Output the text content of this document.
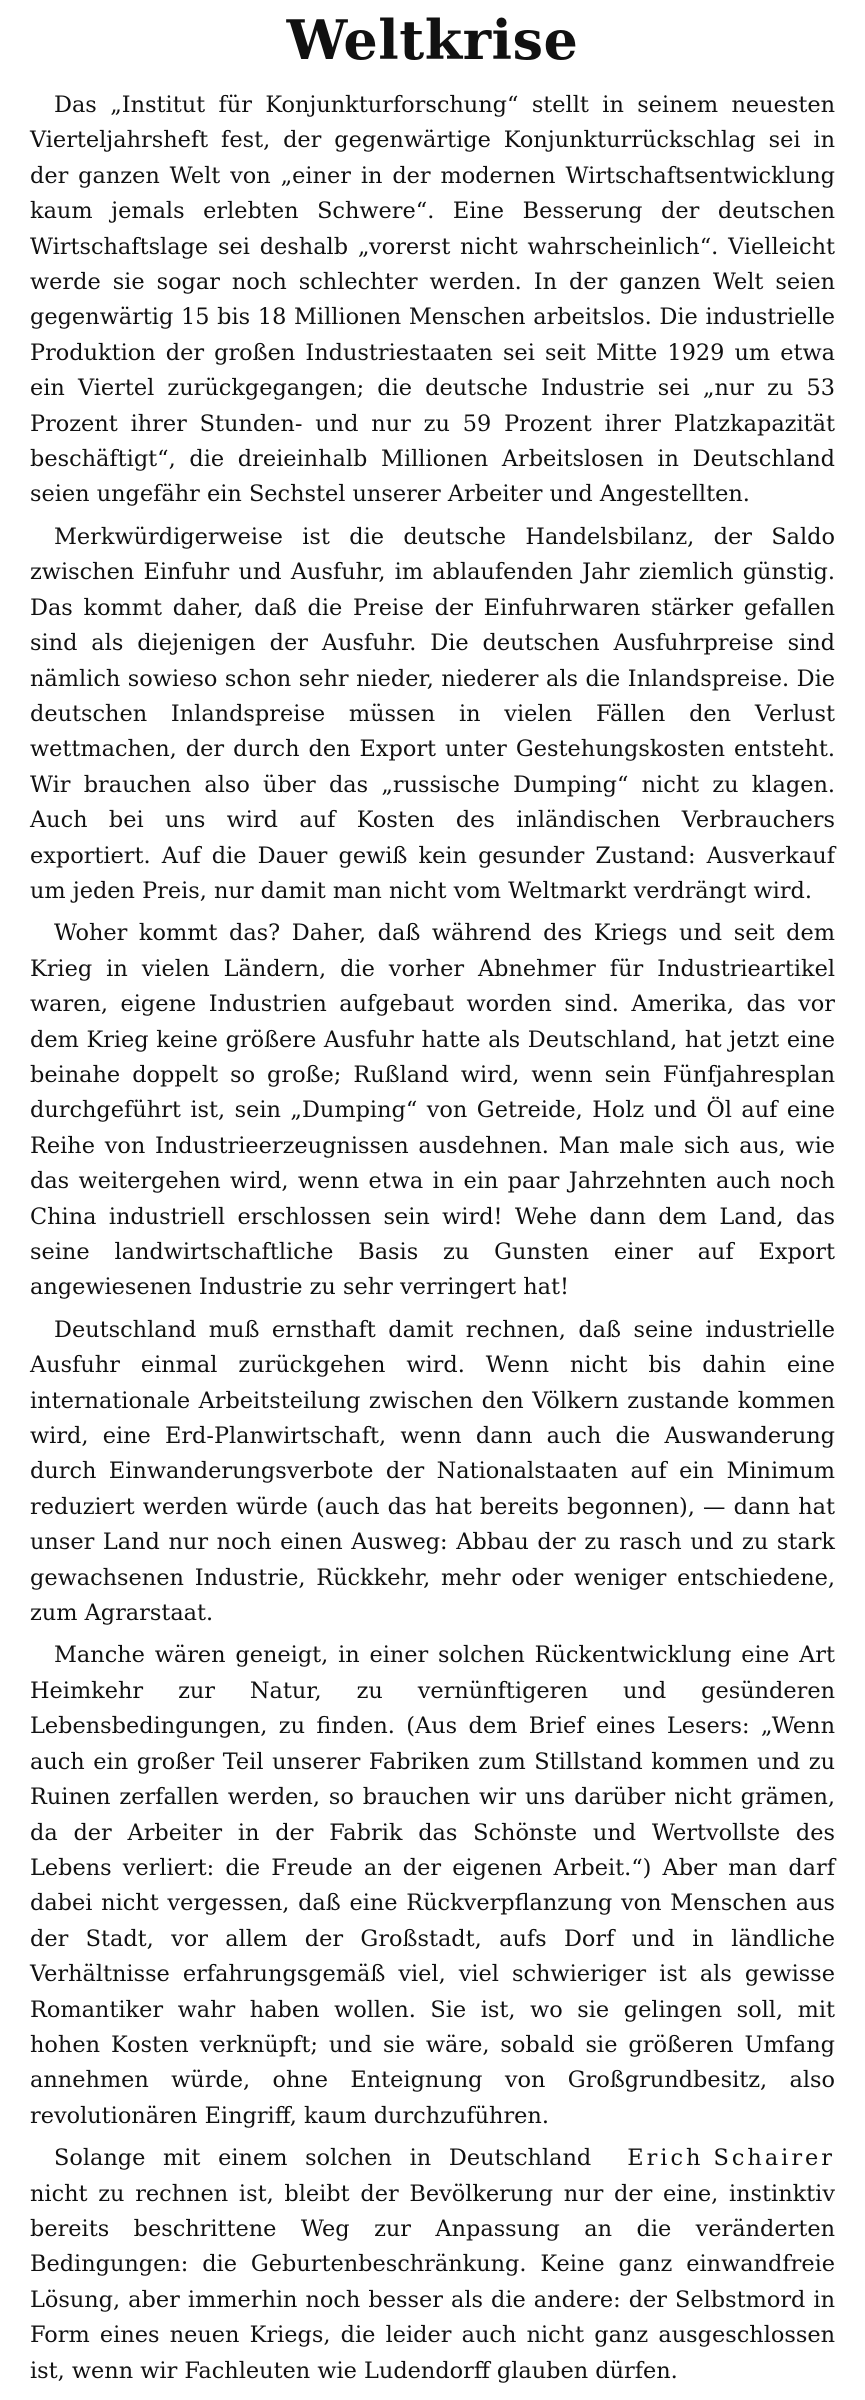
Weltkrise

Das „Institut für Konjunkturforschung“ stellt in seinem neuesten Vierteljahrsheft fest, der gegenwärtige Konjunkturrückschlag sei in der ganzen Welt von „einer in der modernen Wirtschaftsentwicklung kaum jemals erlebten Schwere“. Eine Besserung der deutschen Wirtschaftslage sei deshalb „vorerst nicht wahrscheinlich“. Vielleicht werde sie sogar noch schlechter werden. In der ganzen Welt seien gegenwärtig 15 bis 18 Millionen Menschen arbeitslos. Die industrielle Produktion der großen Industriestaaten sei seit Mitte 1929 um etwa ein Viertel zurückgegangen; die deutsche Industrie sei „nur zu 53 Prozent ihrer Stunden- und nur zu 59 Prozent ihrer Platzkapazität beschäftigt“, die dreieinhalb Millionen Arbeitslosen in Deutschland seien ungefähr ein Sechstel unserer Arbeiter und Angestellten.

Merkwürdigerweise ist die deutsche Handelsbilanz, der Saldo zwischen Einfuhr und Ausfuhr, im ablaufenden Jahr ziemlich günstig. Das kommt daher, daß die Preise der Einfuhrwaren stärker gefallen sind als diejenigen der Ausfuhr. Die deutschen Ausfuhrpreise sind nämlich sowieso schon sehr nieder, niederer als die Inlandspreise. Die deutschen Inlandspreise müssen in vielen Fällen den Verlust wettmachen, der durch den Export unter Gestehungskosten entsteht. Wir brauchen also über das „russische Dumping“ nicht zu klagen. Auch bei uns wird auf Kosten des inländischen Verbrauchers exportiert. Auf die Dauer gewiß kein gesunder Zustand: Ausverkauf um jeden Preis, nur damit man nicht vom Weltmarkt verdrängt wird.

Woher kommt das? Daher, daß während des Kriegs und seit dem Krieg in vielen Ländern, die vorher Abnehmer für Industrieartikel waren, eigene Industrien aufgebaut worden sind. Amerika, das vor dem Krieg keine größere Ausfuhr hatte als Deutschland, hat jetzt eine beinahe doppelt so große; Rußland wird, wenn sein Fünfjahresplan durchgeführt ist, sein „Dumping“ von Getreide, Holz und Öl auf eine Reihe von Industrieerzeugnissen ausdehnen. Man male sich aus, wie das weitergehen wird, wenn etwa in ein paar Jahrzehnten auch noch China industriell erschlossen sein wird! Wehe dann dem Land, das seine landwirtschaftliche Basis zu Gunsten einer auf Export angewiesenen Industrie zu sehr verringert hat!

Deutschland muß ernsthaft damit rechnen, daß seine industrielle Ausfuhr einmal zurückgehen wird. Wenn nicht bis dahin eine internationale Arbeitsteilung zwischen den Völkern zustande kommen wird, eine Erd-Planwirtschaft, wenn dann auch die Auswanderung durch Einwanderungsverbote der Nationalstaaten auf ein Minimum reduziert werden würde (auch das hat bereits begonnen), — dann hat unser Land nur noch einen Ausweg: Abbau der zu rasch und zu stark gewachsenen Industrie, Rückkehr, mehr oder weniger entschiedene, zum Agrarstaat.

Manche wären geneigt, in einer solchen Rückentwicklung eine Art Heimkehr zur Natur, zu vernünftigeren und gesünderen Lebensbedingungen, zu finden. (Aus dem Brief eines Lesers: „Wenn auch ein großer Teil unserer Fabriken zum Stillstand kommen und zu Ruinen zerfallen werden, so brauchen wir uns darüber nicht grämen, da der Arbeiter in der Fabrik das Schönste und Wertvollste des Lebens verliert: die Freude an der eigenen Arbeit.“) Aber man darf dabei nicht vergessen, daß eine Rückverpflanzung von Menschen aus der Stadt, vor allem der Großstadt, aufs Dorf und in ländliche Verhältnisse erfahrungsgemäß viel, viel schwieriger ist als gewisse Romantiker wahr haben wollen. Sie ist, wo sie gelingen soll, mit hohen Kosten verknüpft; und sie wäre, sobald sie größeren Umfang annehmen würde, ohne Enteignung von Großgrundbesitz, also revolutionären Eingriff, kaum durchzuführen.

Erich Schairer
Solange mit einem solchen in Deutschland nicht zu rechnen ist, bleibt der Bevölkerung nur der eine, instinktiv bereits beschrittene Weg zur Anpassung an die veränderten Bedingungen: die Geburtenbeschränkung. Keine ganz einwandfreie Lösung, aber immerhin noch besser als die andere: der Selbstmord in Form eines neuen Kriegs, die leider auch nicht ganz ausgeschlossen ist, wenn wir Fachleuten wie Ludendorff glauben dürfen.
